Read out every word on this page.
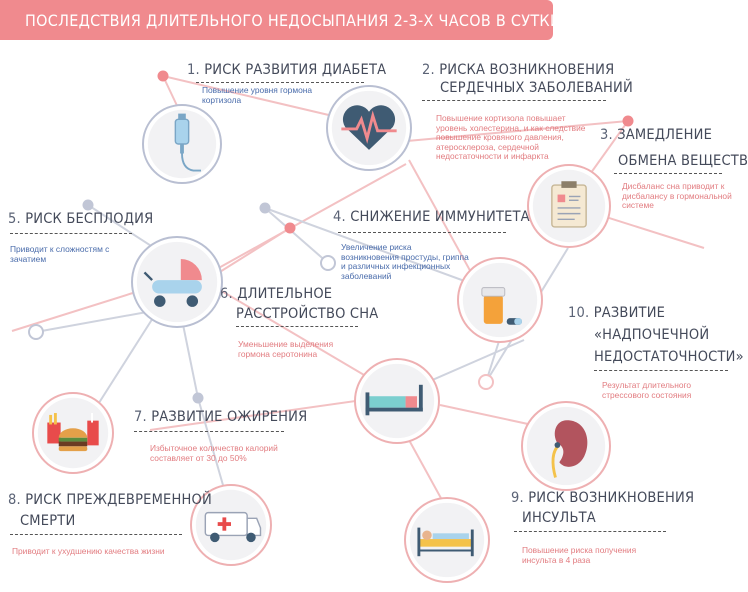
ПОСЛЕДСТВИЯ ДЛИТЕЛЬНОГО НЕДОСЫПАНИЯ 2-3-Х ЧАСОВ В СУТКИ
1. РИСК РАЗВИТИЯ ДИАБЕТА
Повышение уровня гормона кортизола
2. РИСКА ВОЗНИКНОВЕНИЯ
СЕРДЕЧНЫХ ЗАБОЛЕВАНИЙ
Повышение кортизола повышает уровень холестерина, и как следствие повышение кровяного давления, атеросклероза, сердечной недостаточности и инфаркта
3. ЗАМЕДЛЕНИЕ
ОБМЕНА ВЕЩЕСТВ
Дисбаланс сна приводит к дисбалансу в гормональной системе
4. СНИЖЕНИЕ ИММУНИТЕТА
Увеличение риска возникновения простуды, гриппа и различных инфекционных заболеваний
5. РИСК БЕСПЛОДИЯ
Приводит к сложностям с зачатием
6. ДЛИТЕЛЬНОЕ
РАССТРОЙСТВО СНА
Уменьшение выделения гормона серотонина
7. РАЗВИТИЕ ОЖИРЕНИЯ
Избыточное количество калорий составляет от 30 до 50%
8. РИСК ПРЕЖДЕВРЕМЕННОЙ
СМЕРТИ
Приводит к ухудшению качества жизни
9. РИСК ВОЗНИКНОВЕНИЯ
ИНСУЛЬТА
Повышение риска получения инсульта в 4 раза
10. РАЗВИТИЕ
«НАДПОЧЕЧНОЙ
НЕДОСТАТОЧНОСТИ»
Результат длительного стрессового состояния
